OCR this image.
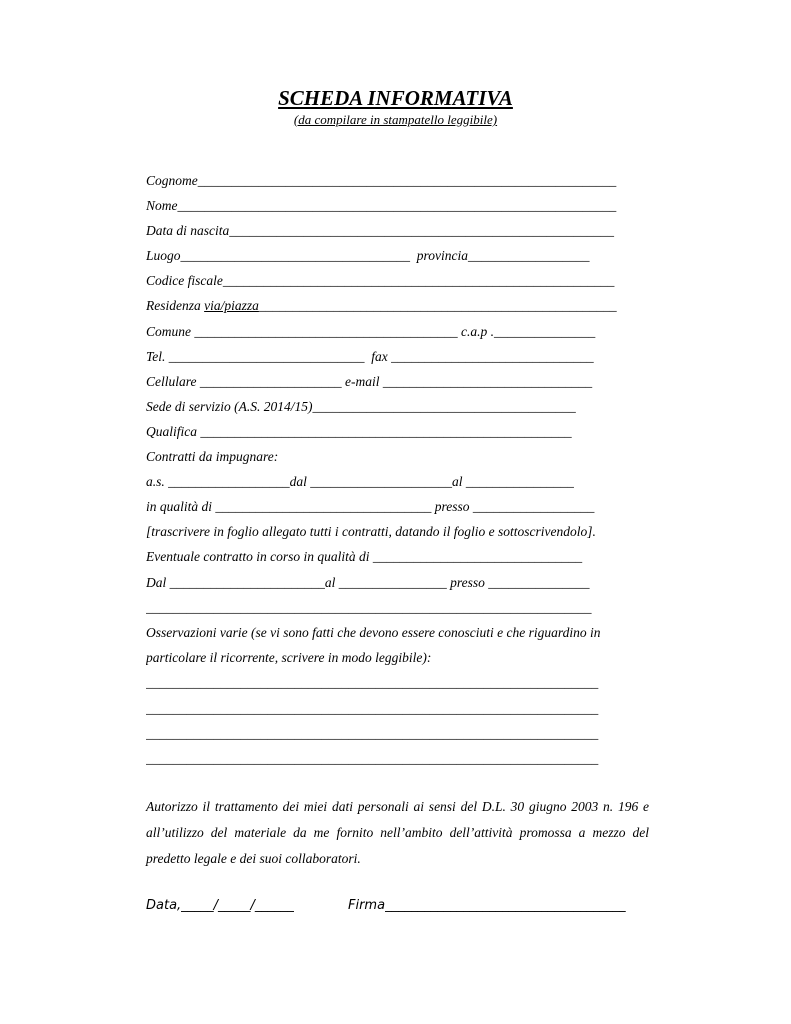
SCHEDA INFORMATIVA
(da compilare in stampatello leggibile)
Cognome______________________________________________________________
Nome_________________________________________________________________
Data di nascita_________________________________________________________
Luogo__________________________________  provincia__________________
Codice fiscale__________________________________________________________
Residenza via/piazza_____________________________________________________
Comune _______________________________________ c.a.p ._______________
Tel. _____________________________  fax ______________________________
Cellulare _____________________ e-mail _______________________________
Sede di servizio (A.S. 2014/15)_______________________________________
Qualifica _______________________________________________________
Contratti da impugnare:
a.s. __________________dal _____________________al ________________
in qualità di ________________________________ presso __________________
[trascrivere in foglio allegato tutti i contratti, datando il foglio e sottoscrivendolo].
Eventuale contratto in corso in qualità di _______________________________
Dal _______________________al ________________ presso _______________
__________________________________________________________________
Osservazioni varie (se vi sono fatti che devono essere conosciuti e che riguardino in
particolare il ricorrente, scrivere in modo leggibile):
___________________________________________________________________
___________________________________________________________________
___________________________________________________________________
___________________________________________________________________
Autorizzo il trattamento dei miei dati personali ai sensi del D.L. 30 giugno 2003 n. 196 e all’utilizzo del materiale da me fornito nell’ambito dell’attività promossa a mezzo del predetto legale e dei suoi collaboratori.
Data,_____/_____/______	Firma_____________________________________
